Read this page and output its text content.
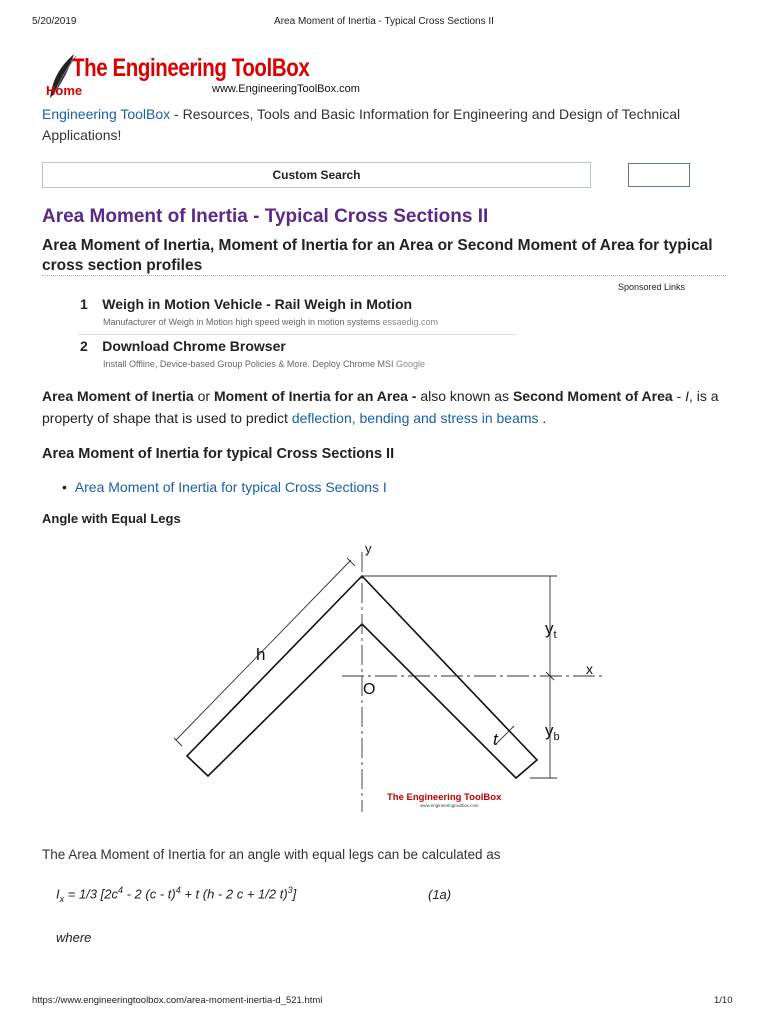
5/20/2019	Area Moment of Inertia - Typical Cross Sections II
The Engineering ToolBox
www.EngineeringToolBox.com
Home
Engineering ToolBox - Resources, Tools and Basic Information for Engineering and Design of Technical Applications!
Custom Search
Area Moment of Inertia - Typical Cross Sections II
Area Moment of Inertia, Moment of Inertia for an Area or Second Moment of Area for typical cross section profiles
Sponsored Links
1 Weigh in Motion Vehicle - Rail Weigh in Motion
Manufacturer of Weigh in Motion high speed weigh in motion systems essaedig.com
2 Download Chrome Browser
Install Offline, Device-based Group Policies & More. Deploy Chrome MSI Google
Area Moment of Inertia or Moment of Inertia for an Area - also known as Second Moment of Area - I, is a property of shape that is used to predict deflection, bending and stress in beams .
Area Moment of Inertia for typical Cross Sections II
• Area Moment of Inertia for typical Cross Sections I
Angle with Equal Legs
y
$y_t$
x
h
O
t	$y_b$
The Engineering ToolBox
www.engineeringtoolbox.com
The Area Moment of Inertia for an angle with equal legs can be calculated as
$I_x = 1/3$ [$2c^4 - 2$ (c - t)$^4$ + t (h - 2 c + 1/2 t)$^3$]	(1a)
where
https://www.engineeringtoolbox.com/area-moment-inertia-d_521.html	1/10
